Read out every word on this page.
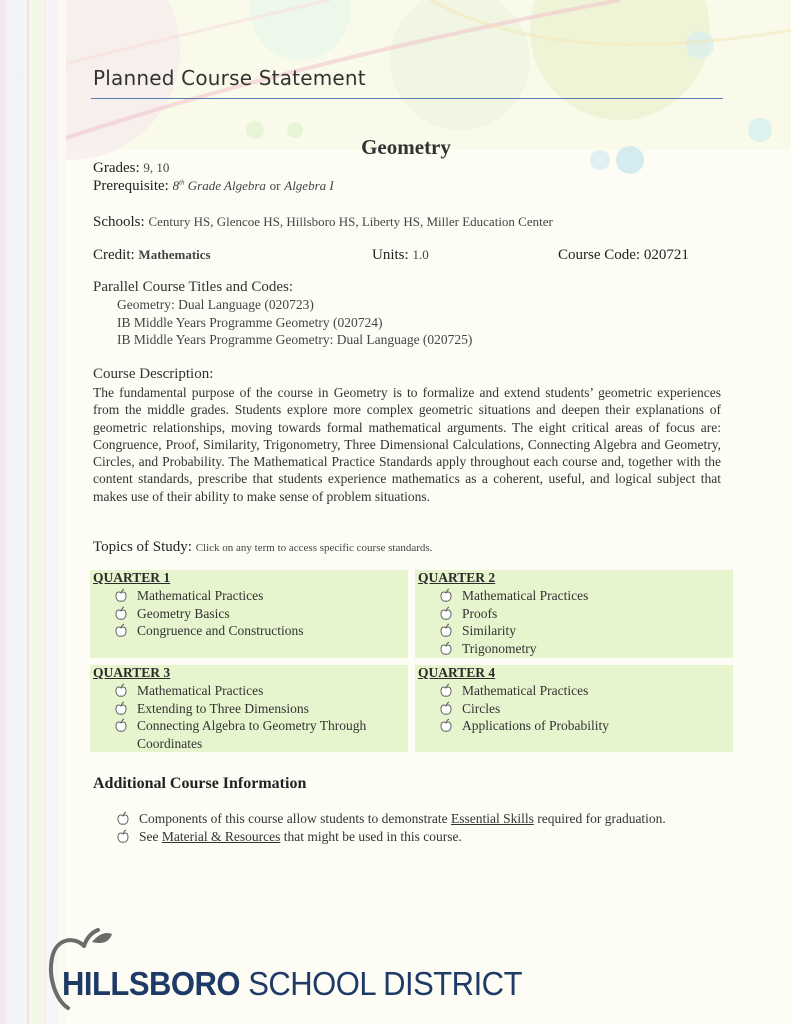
Planned Course Statement
Geometry
Grades: 9, 10
Prerequisite: 8th Grade Algebra or Algebra I
Schools: Century HS, Glencoe HS, Hillsboro HS, Liberty HS, Miller Education Center
Credit: Mathematics	Units: 1.0	Course Code: 020721
Parallel Course Titles and Codes:
Geometry: Dual Language (020723)
IB Middle Years Programme Geometry (020724)
IB Middle Years Programme Geometry: Dual Language (020725)
Course Description:
The fundamental purpose of the course in Geometry is to formalize and extend students’ geometric experiences from the middle grades. Students explore more complex geometric situations and deepen their explanations of geometric relationships, moving towards formal mathematical arguments. The eight critical areas of focus are: Congruence, Proof, Similarity, Trigonometry, Three Dimensional Calculations, Connecting Algebra and Geometry, Circles, and Probability. The Mathematical Practice Standards apply throughout each course and, together with the content standards, prescribe that students experience mathematics as a coherent, useful, and logical subject that makes use of their ability to make sense of problem situations.
Topics of Study: Click on any term to access specific course standards.
QUARTER 1
Mathematical Practices
Geometry Basics
Congruence and Constructions
QUARTER 2
Mathematical Practices
Proofs
Similarity
Trigonometry
QUARTER 3
Mathematical Practices
Extending to Three Dimensions
Connecting Algebra to Geometry Through Coordinates
QUARTER 4
Mathematical Practices
Circles
Applications of Probability
Additional Course Information
Components of this course allow students to demonstrate Essential Skills required for graduation.
See Material & Resources that might be used in this course.
HILLSBORO SCHOOL DISTRICT
